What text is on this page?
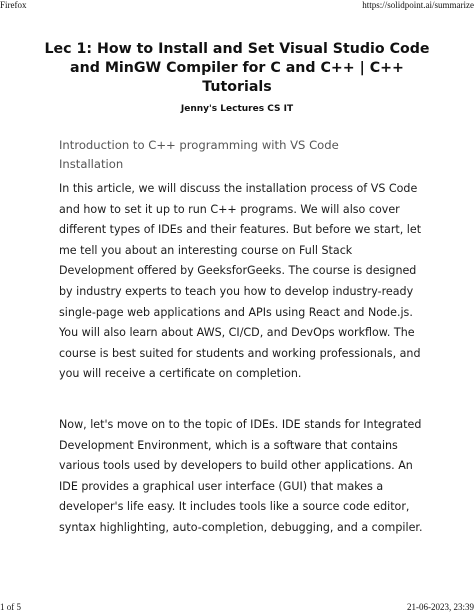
Firefox	https://solidpoint.ai/summarize
Lec 1: How to Install and Set Visual Studio Code and MinGW Compiler for C and C++ | C++ Tutorials
Jenny's Lectures CS IT
Introduction to C++ programming with VS Code Installation

In this article, we will discuss the installation process of VS Code and how to set it up to run C++ programs. We will also cover different types of IDEs and their features. But before we start, let me tell you about an interesting course on Full Stack Development offered by GeeksforGeeks. The course is designed by industry experts to teach you how to develop industry-ready single-page web applications and APIs using React and Node.js. You will also learn about AWS, CI/CD, and DevOps workflow. The course is best suited for students and working professionals, and you will receive a certificate on completion.

Now, let's move on to the topic of IDEs. IDE stands for Integrated Development Environment, which is a software that contains various tools used by developers to build other applications. An IDE provides a graphical user interface (GUI) that makes a developer's life easy. It includes tools like a source code editor, syntax highlighting, auto-completion, debugging, and a compiler.

1 of 5	21-06-2023, 23:39
